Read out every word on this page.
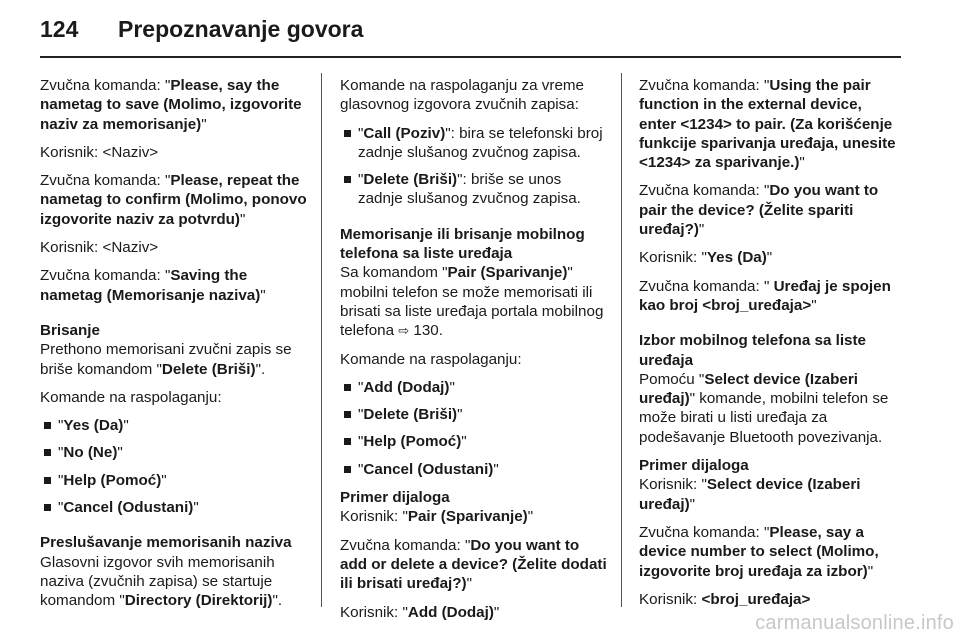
124 Prepoznavanje govora

Zvučna komanda: "Please, say the nametag to save (Molimo, izgovorite naziv za memorisanje)"

Korisnik: <Naziv>

Zvučna komanda: "Please, repeat the nametag to confirm (Molimo, ponovo izgovorite naziv za potvrdu)"

Korisnik: <Naziv>

Zvučna komanda: "Saving the nametag (Memorisanje naziva)"

Brisanje

Prethono memorisani zvučni zapis se briše komandom "Delete (Briši)".

Komande na raspolaganju:

"Yes (Da)"
"No (Ne)"
"Help (Pomoć)"
"Cancel (Odustani)"

Preslušavanje memorisanih naziva

Glasovni izgovor svih memorisanih naziva (zvučnih zapisa) se startuje komandom "Directory (Direktorij)".

Komande na raspolaganju za vreme glasovnog izgovora zvučnih zapisa:

"Call (Poziv)": bira se telefonski broj zadnje slušanog zvučnog zapisa.
"Delete (Briši)": briše se unos zadnje slušanog zvučnog zapisa.

Memorisanje ili brisanje mobilnog telefona sa liste uređaja

Sa komandom "Pair (Sparivanje)" mobilni telefon se može memorisati ili brisati sa liste uređaja portala mobilnog telefona ⇨ 130.

Komande na raspolaganju:

"Add (Dodaj)"
"Delete (Briši)"
"Help (Pomoć)"
"Cancel (Odustani)"

Primer dijaloga

Korisnik: "Pair (Sparivanje)"

Zvučna komanda: "Do you want to add or delete a device? (Želite dodati ili brisati uređaj?)"

Korisnik: "Add (Dodaj)"

Zvučna komanda: "Using the pair function in the external device, enter <1234> to pair. (Za korišćenje funkcije sparivanja uređaja, unesite <1234> za sparivanje.)"

Zvučna komanda: "Do you want to pair the device? (Želite spariti uređaj?)"

Korisnik: "Yes (Da)"

Zvučna komanda: " Uređaj je spojen kao broj <broj_uređaja>"

Izbor mobilnog telefona sa liste uređaja

Pomoću "Select device (Izaberi uređaj)" komande, mobilni telefon se može birati u listi uređaja za podešavanje Bluetooth povezivanja.

Primer dijaloga

Korisnik: "Select device (Izaberi uređaj)"

Zvučna komanda: "Please, say a device number to select (Molimo, izgovorite broj uređaja za izbor)"

Korisnik: <broj_uređaja>

carmanualsonline.info
